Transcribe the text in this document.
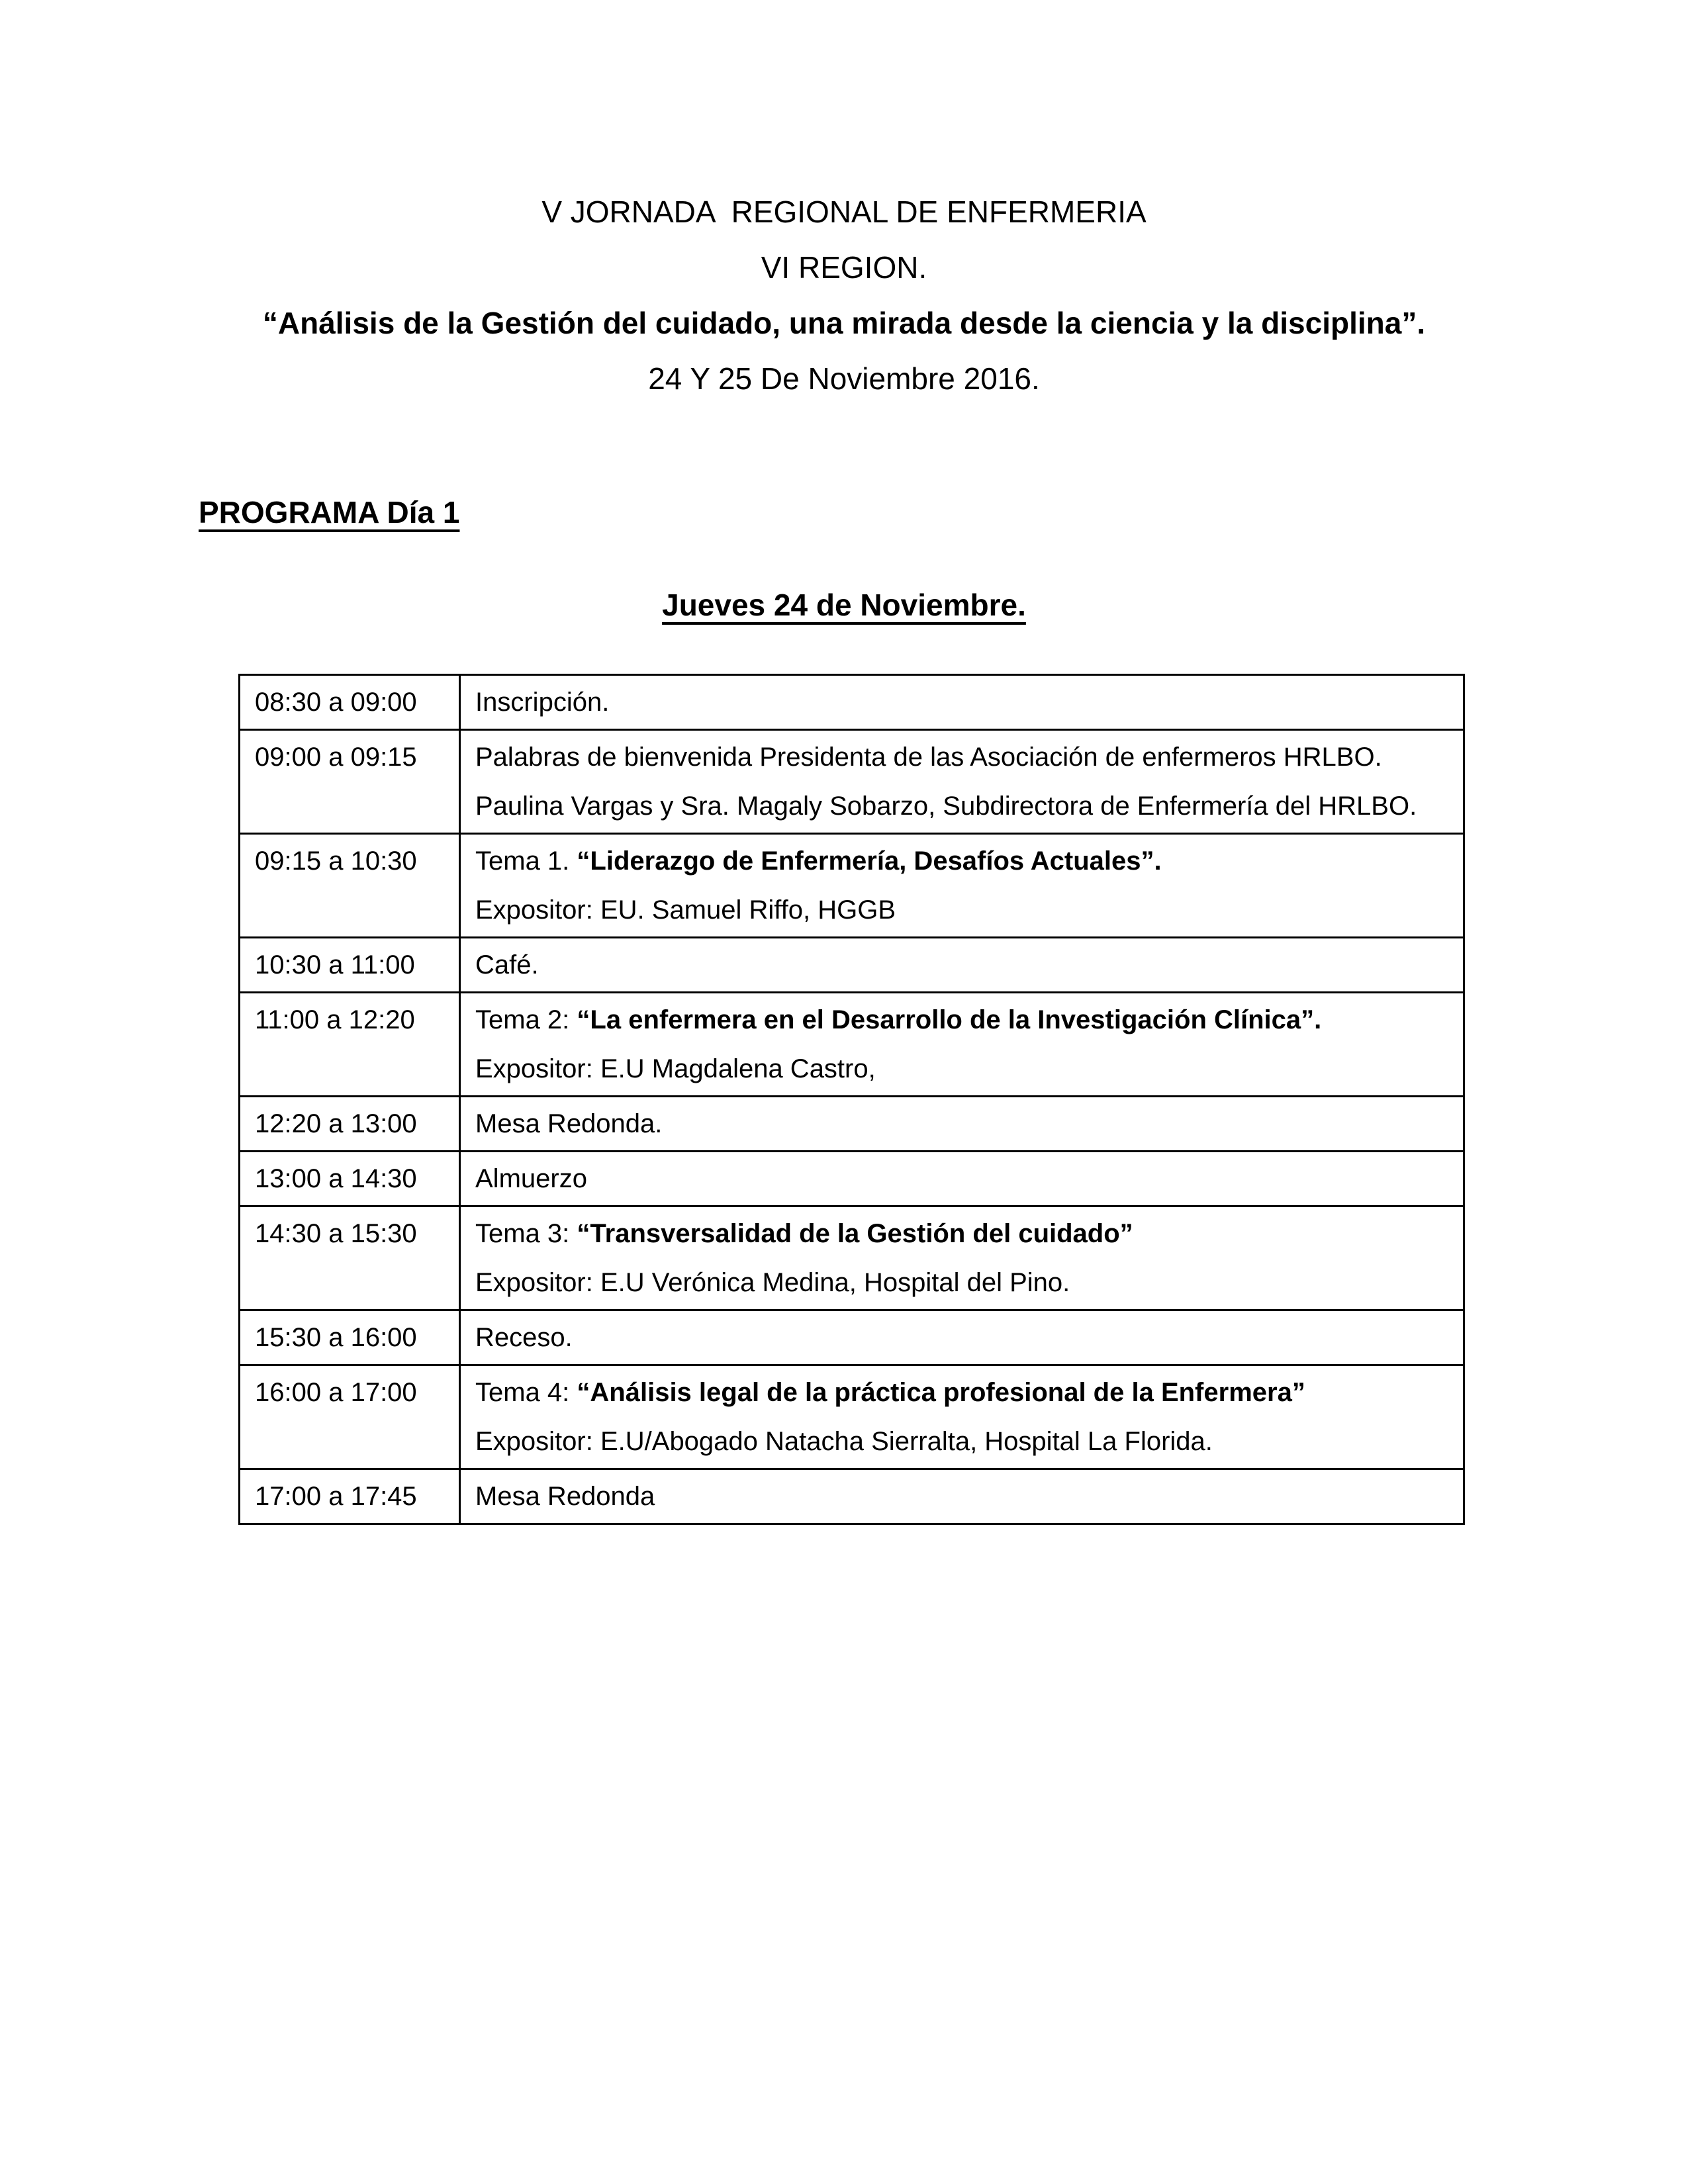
V JORNADA  REGIONAL DE ENFERMERIA

VI REGION.

“Análisis de la Gestión del cuidado, una mirada desde la ciencia y la disciplina”.

24 Y 25 De Noviembre 2016.

PROGRAMA Día 1

Jueves 24 de Noviembre.

08:30 a 09:00	Inscripción.

09:00 a 09:15	Palabras de bienvenida Presidenta de las Asociación de enfermeros HRLBO. Paulina Vargas y Sra. Magaly Sobarzo, Subdirectora de Enfermería del HRLBO.

09:15 a 10:30	Tema 1. “Liderazgo de Enfermería, Desafíos Actuales”.

Expositor: EU. Samuel Riffo, HGGB

10:30 a 11:00	Café.

11:00 a 12:20	Tema 2: “La enfermera en el Desarrollo de la Investigación Clínica”.

Expositor: E.U Magdalena Castro,

12:20 a 13:00	Mesa Redonda.

13:00 a 14:30	Almuerzo

14:30 a 15:30	Tema 3: “Transversalidad de la Gestión del cuidado”

Expositor: E.U Verónica Medina, Hospital del Pino.

15:30 a 16:00	Receso.

16:00 a 17:00	Tema 4: “Análisis legal de la práctica profesional de la Enfermera”

Expositor: E.U/Abogado Natacha Sierralta, Hospital La Florida.

17:00 a 17:45	Mesa Redonda
